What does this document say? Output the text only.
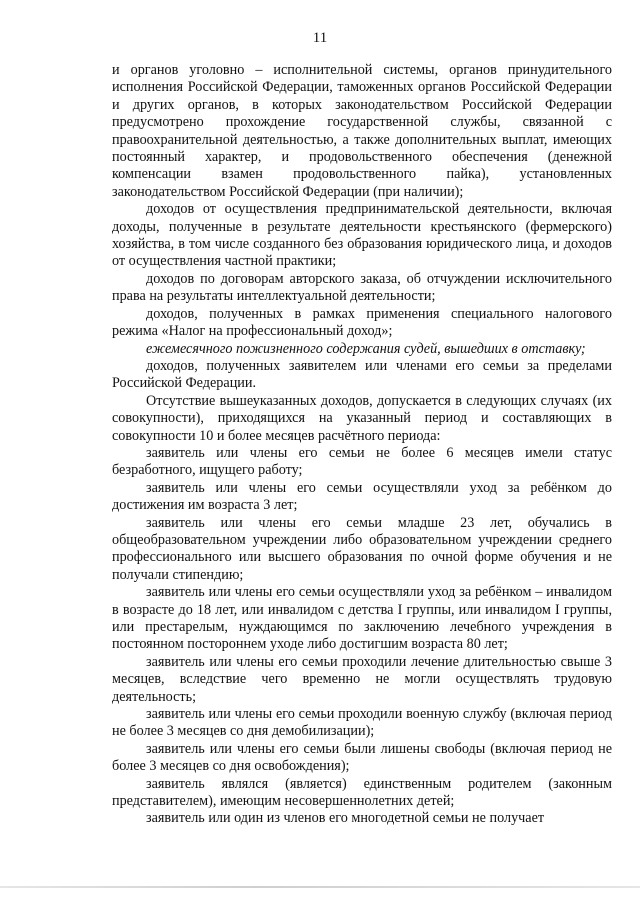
11

и органов уголовно – исполнительной системы, органов принудительного исполнения Российской Федерации, таможенных органов Российской Федерации и других органов, в которых законодательством Российской Федерации предусмотрено прохождение государственной службы, связанной с правоохранительной деятельностью, а также дополнительных выплат, имеющих постоянный характер, и продовольственного обеспечения (денежной компенсации взамен продовольственного пайка), установленных законодательством Российской Федерации (при наличии);

доходов от осуществления предпринимательской деятельности, включая доходы, полученные в результате деятельности крестьянского (фермерского) хозяйства, в том числе созданного без образования юридического лица, и доходов от осуществления частной практики;

доходов по договорам авторского заказа, об отчуждении исключительного права на результаты интеллектуальной деятельности;

доходов, полученных в рамках применения специального налогового режима «Налог на профессиональный доход»;

ежемесячного пожизненного содержания судей, вышедших в отставку;

доходов, полученных заявителем или членами его семьи за пределами Российской Федерации.

Отсутствие вышеуказанных доходов, допускается в следующих случаях (их совокупности), приходящихся на указанный период и составляющих в совокупности 10 и более месяцев расчётного периода:

заявитель или члены его семьи не более 6 месяцев имели статус безработного, ищущего работу;

заявитель или члены его семьи осуществляли уход за ребёнком до достижения им возраста 3 лет;

заявитель или члены его семьи младше 23 лет, обучались в общеобразовательном учреждении либо образовательном учреждении среднего профессионального или высшего образования по очной форме обучения и не получали стипендию;

заявитель или члены его семьи осуществляли уход за ребёнком – инвалидом в возрасте до 18 лет, или инвалидом с детства I группы, или инвалидом I группы, или престарелым, нуждающимся по заключению лечебного учреждения в постоянном постороннем уходе либо достигшим возраста 80 лет;

заявитель или члены его семьи проходили лечение длительностью свыше 3 месяцев, вследствие чего временно не могли осуществлять трудовую деятельность;

заявитель или члены его семьи проходили военную службу (включая период не более 3 месяцев со дня демобилизации);

заявитель или члены его семьи были лишены свободы (включая период не более 3 месяцев со дня освобождения);

заявитель являлся (является) единственным родителем (законным представителем), имеющим несовершеннолетних детей;

заявитель или один из членов его многодетной семьи не получает
